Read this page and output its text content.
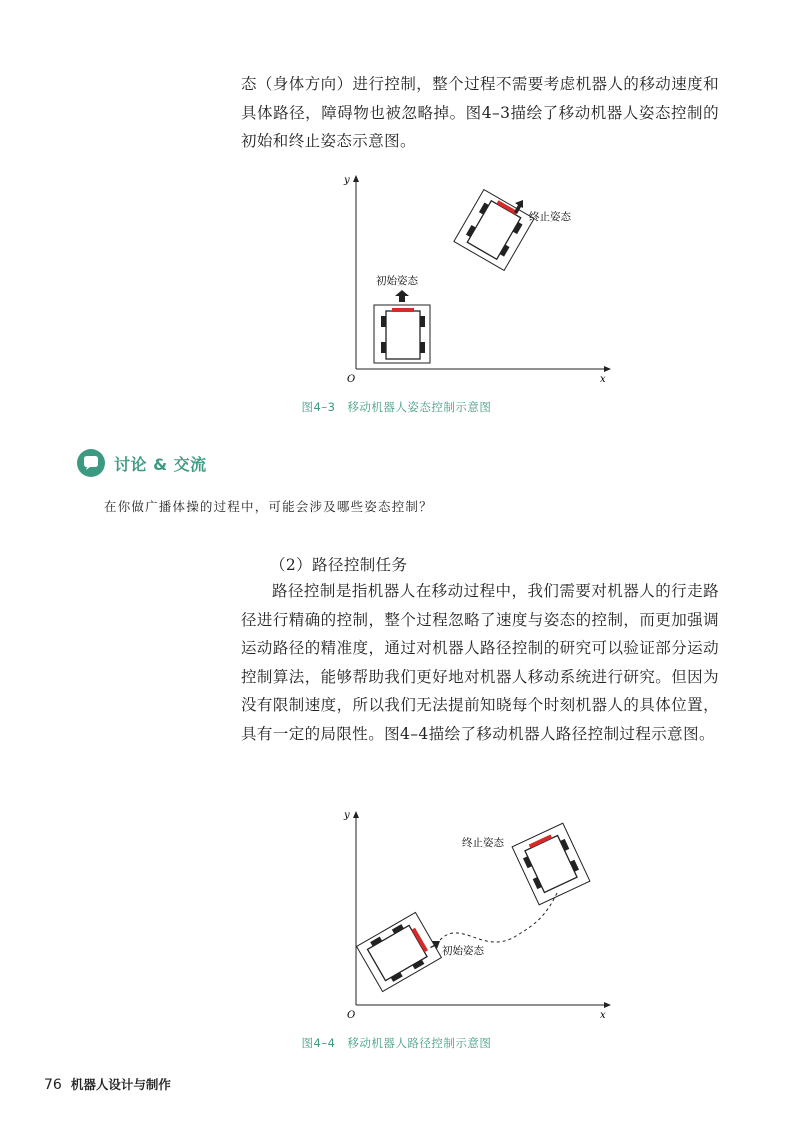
态（身体方向）进行控制，整个过程不需要考虑机器人的移动速度和具体路径，障碍物也被忽略掉。图4–3描绘了移动机器人姿态控制的初始和终止姿态示意图。

y
x
O
初始姿态
终止姿态
图4–3　移动机器人姿态控制示意图
讨论 & 交流
在你做广播体操的过程中，可能会涉及哪些姿态控制？
（2）路径控制任务

路径控制是指机器人在移动过程中，我们需要对机器人的行走路径进行精确的控制，整个过程忽略了速度与姿态的控制，而更加强调运动路径的精准度，通过对机器人路径控制的研究可以验证部分运动控制算法，能够帮助我们更好地对机器人移动系统进行研究。但因为没有限制速度，所以我们无法提前知晓每个时刻机器人的具体位置，具有一定的局限性。图4–4描绘了移动机器人路径控制过程示意图。

y
x
O
初始姿态
终止姿态
图4–4　移动机器人路径控制示意图
76 机器人设计与制作
